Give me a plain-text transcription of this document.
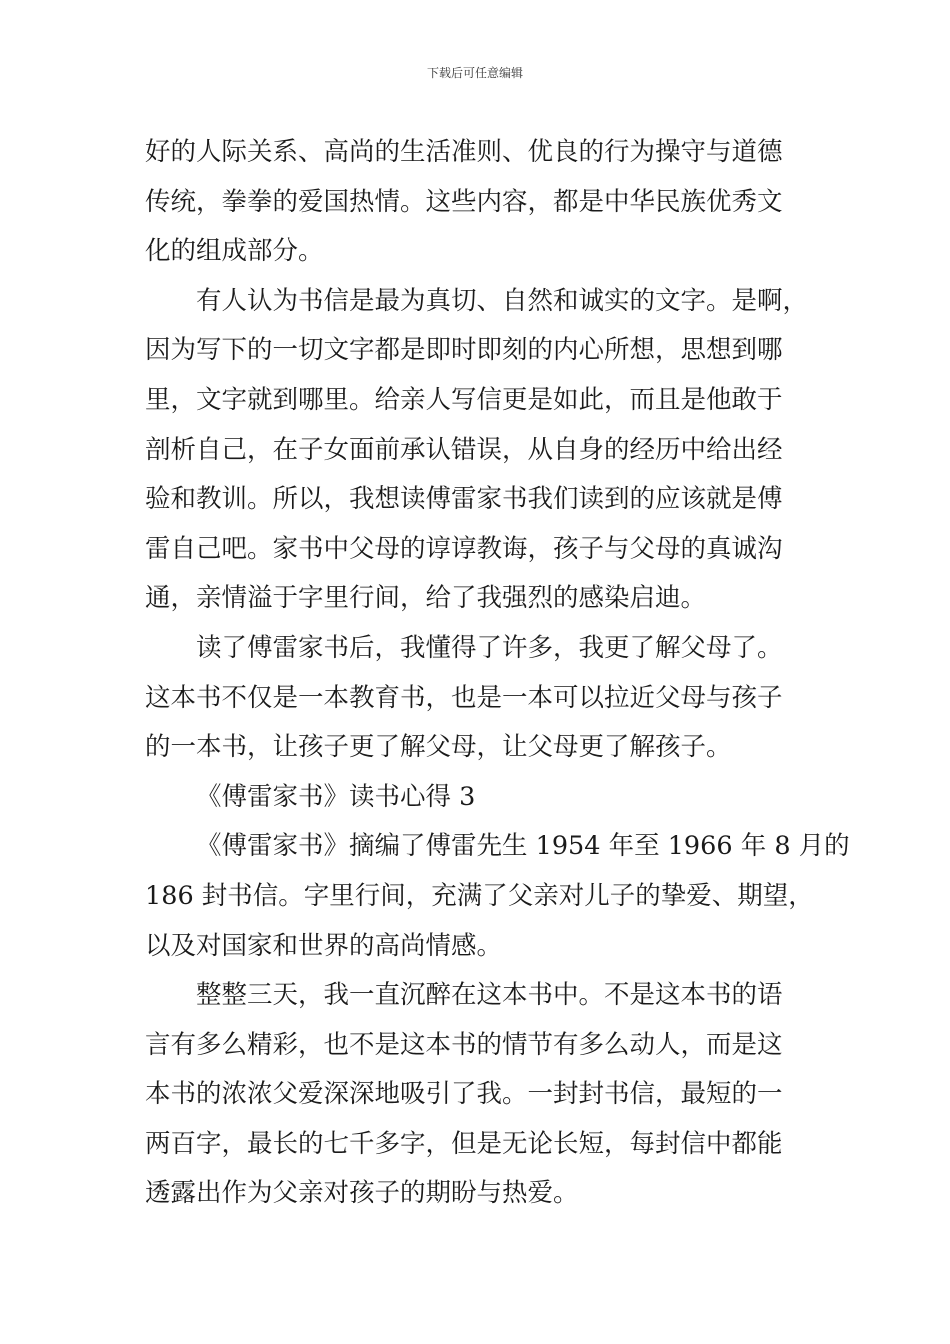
下载后可任意编辑
好的人际关系、高尚的生活准则、优良的行为操守与道德
传统，拳拳的爱国热情。这些内容，都是中华民族优秀文
化的组成部分。
有人认为书信是最为真切、自然和诚实的文字。是啊，
因为写下的一切文字都是即时即刻的内心所想，思想到哪
里，文字就到哪里。给亲人写信更是如此，而且是他敢于
剖析自己，在子女面前承认错误，从自身的经历中给出经
验和教训。所以，我想读傅雷家书我们读到的应该就是傅
雷自己吧。家书中父母的谆谆教诲，孩子与父母的真诚沟
通，亲情溢于字里行间，给了我强烈的感染启迪。
读了傅雷家书后，我懂得了许多，我更了解父母了。
这本书不仅是一本教育书，也是一本可以拉近父母与孩子
的一本书，让孩子更了解父母，让父母更了解孩子。
《傅雷家书》读书心得 3
《傅雷家书》摘编了傅雷先生 1954 年至 1966 年 8 月的
186 封书信。字里行间，充满了父亲对儿子的挚爱、期望，
以及对国家和世界的高尚情感。
整整三天，我一直沉醉在这本书中。不是这本书的语
言有多么精彩，也不是这本书的情节有多么动人，而是这
本书的浓浓父爱深深地吸引了我。一封封书信，最短的一
两百字，最长的七千多字，但是无论长短，每封信中都能
透露出作为父亲对孩子的期盼与热爱。
